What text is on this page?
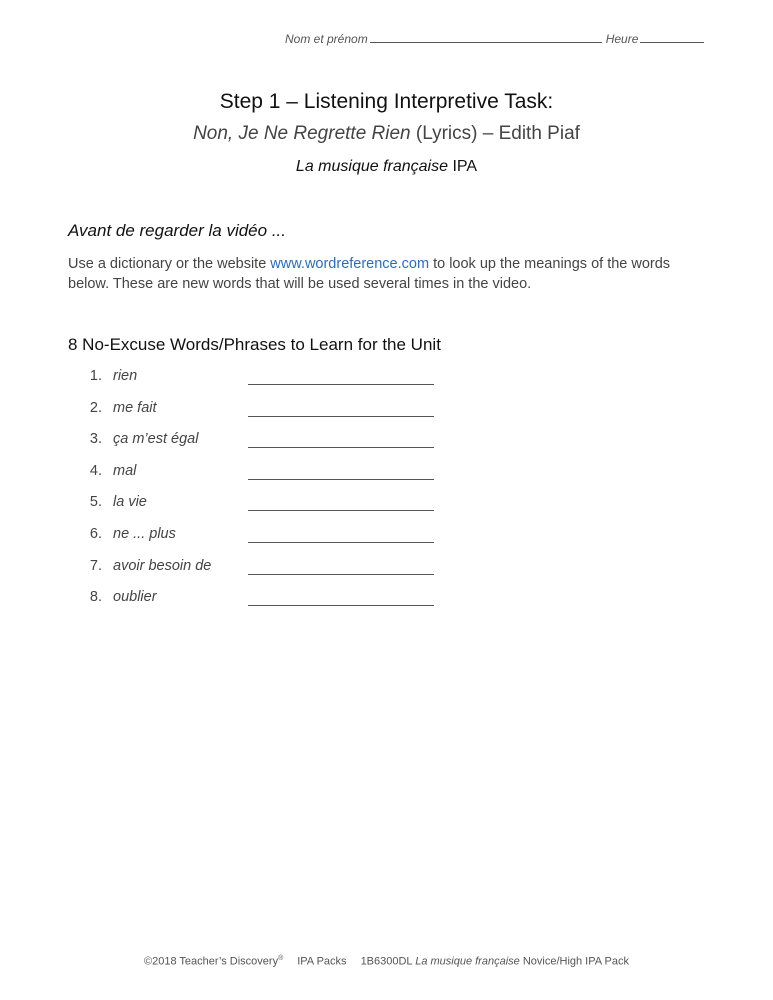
Nom et prénom	Heure
Step 1 – Listening Interpretive Task:
Non, Je Ne Regrette Rien (Lyrics) – Edith Piaf
La musique française IPA
Avant de regarder la vidéo ...
Use a dictionary or the website www.wordreference.com to look up the meanings of the words below. These are new words that will be used several times in the video.
8 No-Excuse Words/Phrases to Learn for the Unit
1. rien
2. me fait
3. ça m’est égal
4. mal
5. la vie
6. ne ... plus
7. avoir besoin de
8. oublier
©2018 Teacher’s Discovery® IPA Packs 1B6300DL La musique française Novice/High IPA Pack
